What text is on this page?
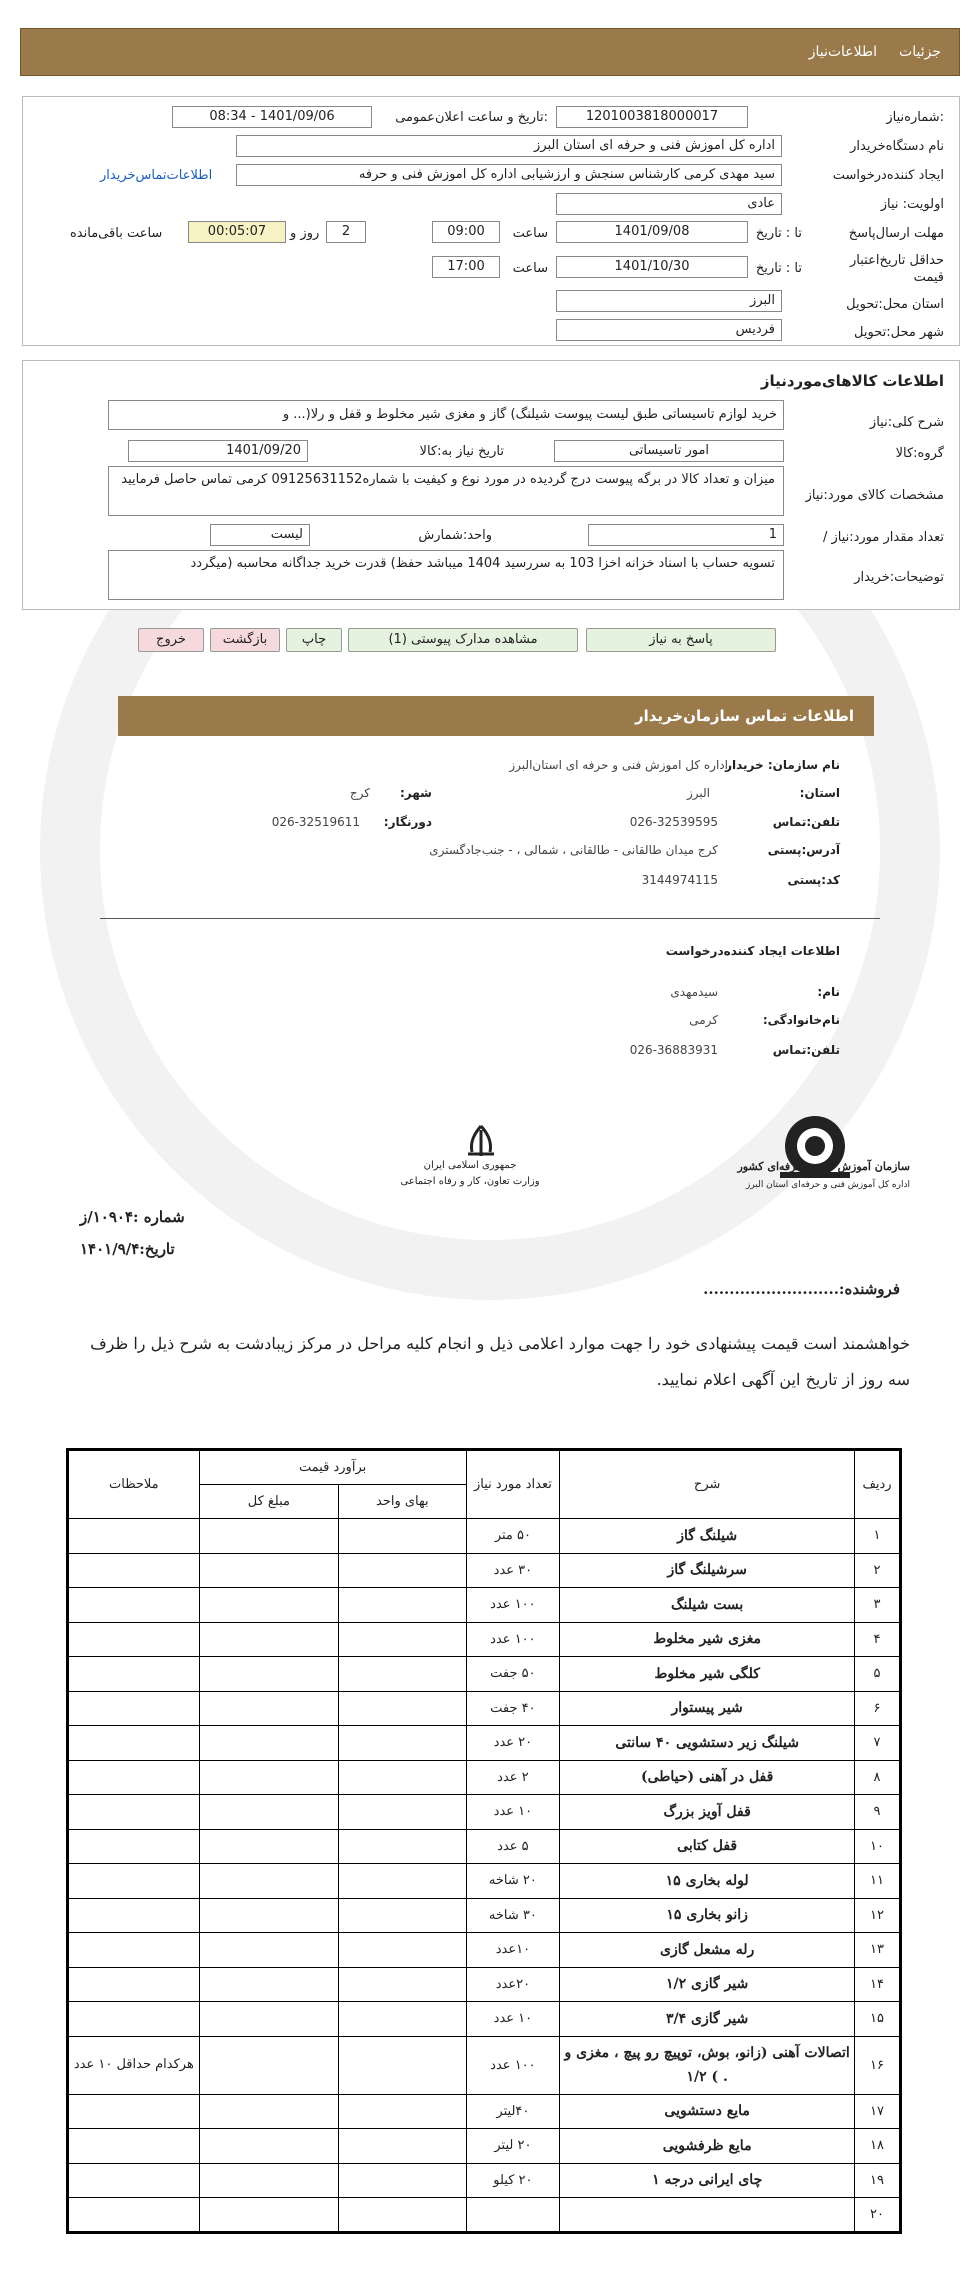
جزئیات
اطلاعات‌نیاز
شماره‌نیاز:
1201003818000017
تاریخ و ساعت اعلان‌عمومی:
1401/09/06 - 08:34
نام دستگاه‌خریدار
اداره کل اموزش فنی و حرفه ای استان البرز
ایجاد کننده‌درخواست
سید مهدی کرمی کارشناس سنجش و ارزشیابی اداره کل اموزش فنی و حرفه
اطلاعات‌تماس‌خریدار
اولویت: نیاز
عادی
مهلت ارسال‌پاسخ
تا : تاریخ
1401/09/08
ساعت
09:00
2
روز و
00:05:07
ساعت باقی‌مانده
حداقل تاریخ‌اعتبار قیمت
تا : تاریخ
1401/10/30
ساعت
17:00
استان محل:تحویل
البرز
شهر محل:تحویل
فردیس
اطلاعات کالاهای‌موردنیاز
شرح کلی:نیاز
خرید لوازم تاسیساتی طبق لیست پیوست شیلنگ) گاز و مغزی شیر مخلوط و قفل و رلا(... و
گروه:کالا
امور تاسیساتی
تاریخ نیاز به:کالا
1401/09/20
مشخصات کالای مورد:نیاز
میزان و تعداد کالا در برگه پیوست درج گردیده در مورد نوع و کیفیت با شماره09125631152 کرمی تماس حاصل فرمایید
/ تعداد مقدار مورد:نیاز
1
واحد:شمارش
لیست
توضیحات:خریدار
تسویه حساب با اسناد خزانه اخزا 103 به سررسید 1404 میباشد حفظ) قدرت خرید جداگانه محاسبه (میگردد
پاسخ به نیاز
مشاهده مدارک پیوستی (1)
چاپ
بازگشت
خروج
اطلاعات تماس سازمان‌خریدار
نام سازمان: خریدار
اداره کل اموزش فنی و حرفه ای استان‌البرز
استان:
البرز
شهر:
کرج
تلفن:تماس
026-32539595
دورنگار:
026-32519611
آدرس:پستی
کرج میدان طالقانی - طالقانی ، شمالی ، - جنب‌جادگستری
کد:پستی
3144974115
اطلاعات ایجاد کننده‌درخواست
نام:
سیدمهدی
نام‌خانوادگی:
کرمی
تلفن:تماس
026-36883931
سازمان آموزش فنی و حرفه‌ای کشور
اداره کل آموزش فنی و حرفه‌ای استان البرز
جمهوری اسلامی ایران
وزارت تعاون، کار و رفاه اجتماعی
شماره :۱۰۹۰۴/ز
تاریخ:۱۴۰۱/۹/۴
فروشنده:..........................
خواهشمند است قیمت پیشنهادی خود را جهت موارد اعلامی ذیل و انجام کلیه مراحل در مرکز زیبادشت به شرح ذیل را ظرف سه روز از تاریخ این آگهی اعلام نمایید.
ردیف	شرح	تعداد مورد نیاز	برآورد قیمت		ملاحظات
			بهای واحد	مبلغ کل	
۱	شیلنگ گاز	۵۰ متر			
۲	سرشیلنگ گاز	۳۰ عدد			
۳	بست شیلنگ	۱۰۰ عدد			
۴	مغزی شیر مخلوط	۱۰۰ عدد			
۵	کلگی شیر مخلوط	۵۰ جفت			
۶	شیر پیستوار	۴۰ جفت			
۷	شیلنگ زیر دستشویی ۴۰ سانتی	۲۰ عدد			
۸	قفل در آهنی (حیاطی)	۲ عدد			
۹	قفل آویز بزرگ	۱۰ عدد			
۱۰	قفل کتابی	۵ عدد			
۱۱	لوله بخاری ۱۵	۲۰ شاخه			
۱۲	زانو بخاری ۱۵	۳۰ شاخه			
۱۳	رله مشعل گازی	۱۰عدد			
۱۴	شیر گازی ۱/۲	۲۰عدد			
۱۵	شیر گازی ۳/۴	۱۰ عدد			
۱۶	اتصالات آهنی (زانو، بوش، توپیچ رو پیچ ، مغزی و . ) ۱/۲	۱۰۰ عدد			هرکدام حداقل ۱۰ عدد
۱۷	مایع دستشویی	۴۰لیتر			
۱۸	مایع ظرفشویی	۲۰ لیتر			
۱۹	چای ایرانی درجه ۱	۲۰ کیلو			
۲۰					
